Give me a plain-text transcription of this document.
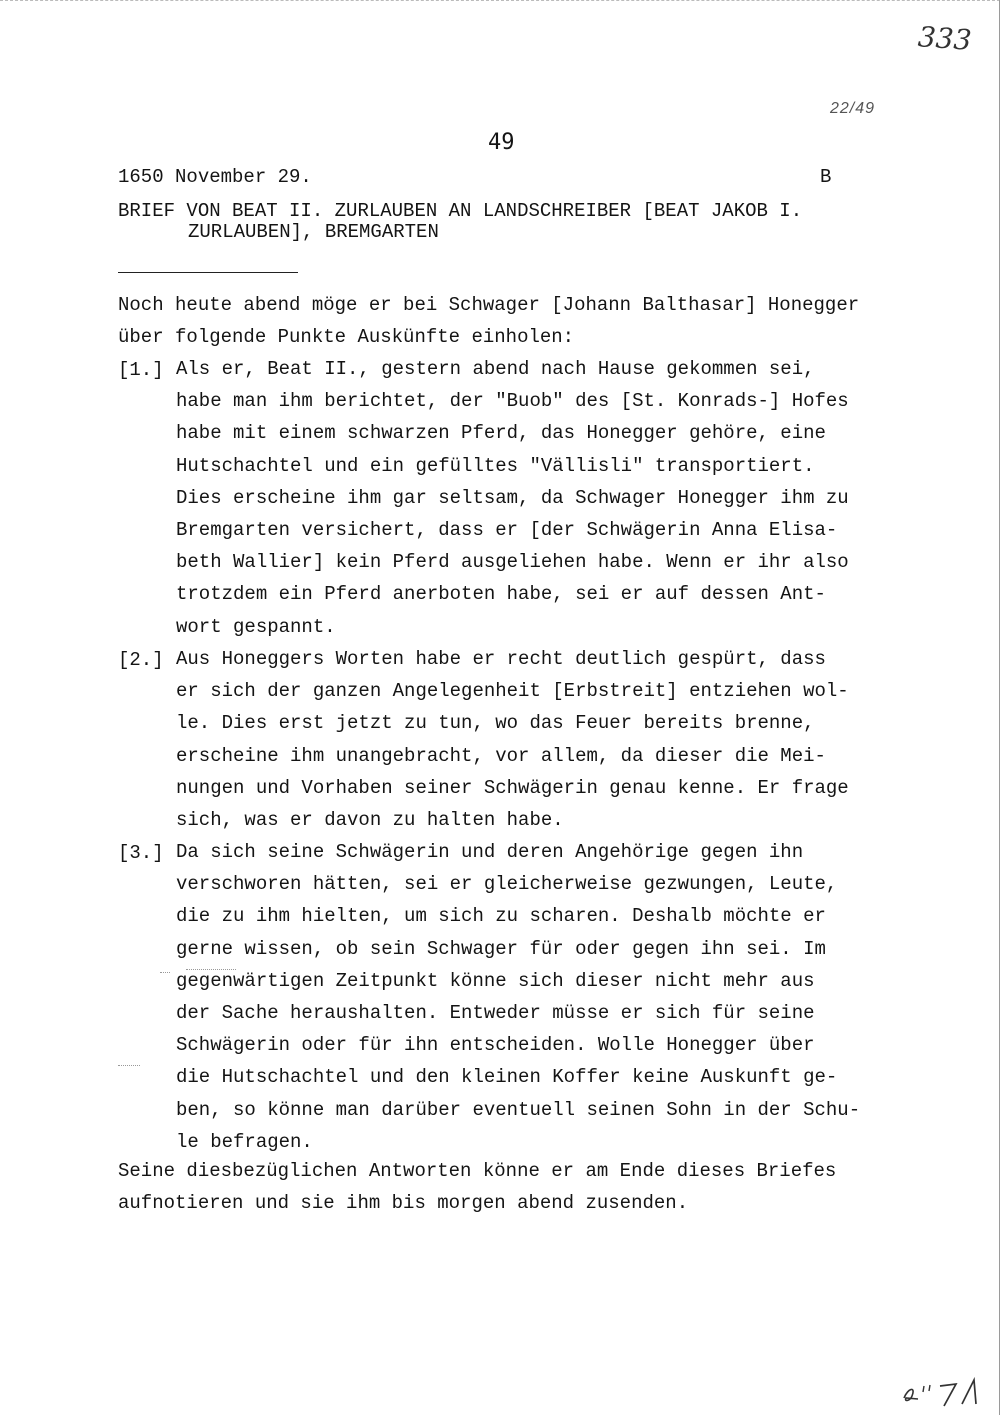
333
22/49
49
1650 November 29.	B
BRIEF VON BEAT II. ZURLAUBEN AN LANDSCHREIBER [BEAT JAKOB I.
ZURLAUBEN], BREMGARTEN
Noch heute abend möge er bei Schwager [Johann Balthasar] Honegger
über folgende Punkte Auskünfte einholen:
[1.] Als er, Beat II., gestern abend nach Hause gekommen sei,
habe man ihm berichtet, der "Buob" des [St. Konrads-] Hofes
habe mit einem schwarzen Pferd, das Honegger gehöre, eine
Hutschachtel und ein gefülltes "Vällisli" transportiert.
Dies erscheine ihm gar seltsam, da Schwager Honegger ihm zu
Bremgarten versichert, dass er [der Schwägerin Anna Elisa-
beth Wallier] kein Pferd ausgeliehen habe. Wenn er ihr also
trotzdem ein Pferd anerboten habe, sei er auf dessen Ant-
wort gespannt.
[2.] Aus Honeggers Worten habe er recht deutlich gespürt, dass
er sich der ganzen Angelegenheit [Erbstreit] entziehen wol-
le. Dies erst jetzt zu tun, wo das Feuer bereits brenne,
erscheine ihm unangebracht, vor allem, da dieser die Mei-
nungen und Vorhaben seiner Schwägerin genau kenne. Er frage
sich, was er davon zu halten habe.
[3.] Da sich seine Schwägerin und deren Angehörige gegen ihn
verschworen hätten, sei er gleicherweise gezwungen, Leute,
die zu ihm hielten, um sich zu scharen. Deshalb möchte er
gerne wissen, ob sein Schwager für oder gegen ihn sei. Im
gegenwärtigen Zeitpunkt könne sich dieser nicht mehr aus
der Sache heraushalten. Entweder müsse er sich für seine
Schwägerin oder für ihn entscheiden. Wolle Honegger über
die Hutschachtel und den kleinen Koffer keine Auskunft ge-
ben, so könne man darüber eventuell seinen Sohn in der Schu-
le befragen.
Seine diesbezüglichen Antworten könne er am Ende dieses Briefes
aufnotieren und sie ihm bis morgen abend zusenden.
